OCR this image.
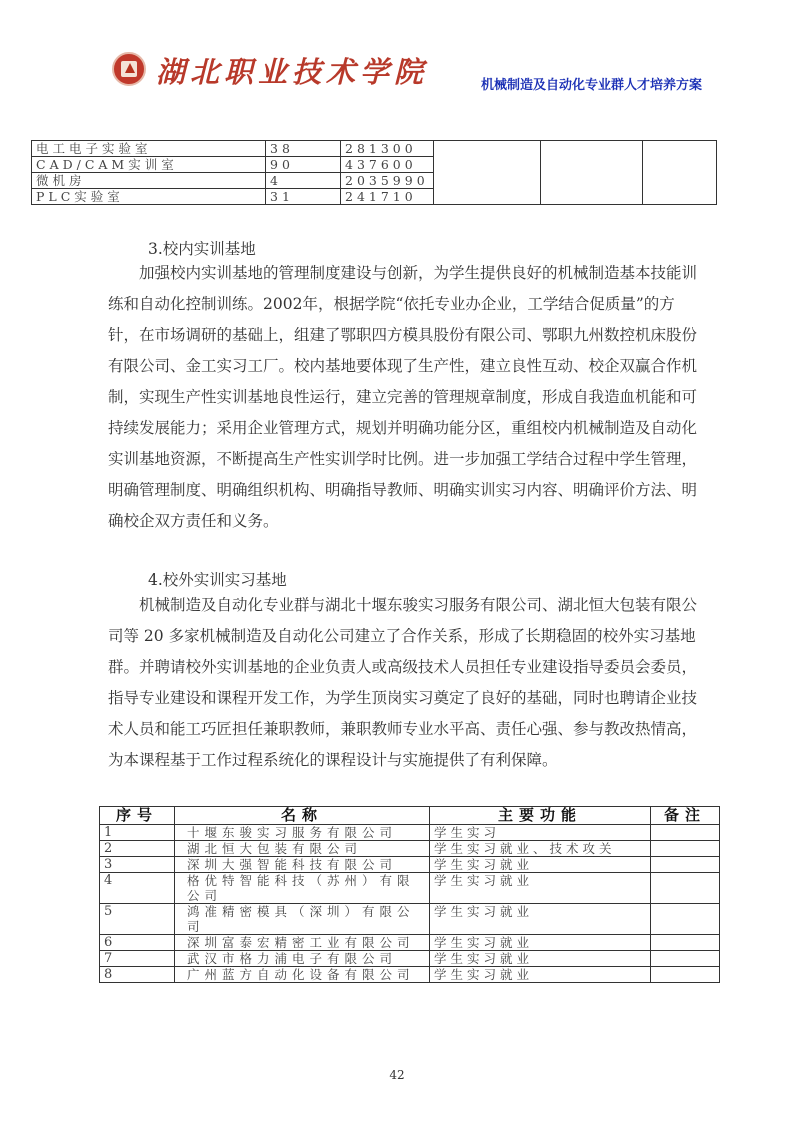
湖北职业技术学院	机械制造及自动化专业群人才培养方案
电工电子实验室	38	281300			
CAD/CAM实训室	90	437600			
微机房	4	2035990			
PLC实验室	31	241710			
3.校内实训基地
加强校内实训基地的管理制度建设与创新，为学生提供良好的机械制造基本技能训练和自动化控制训练。2002年，根据学院“依托专业办企业，工学结合促质量”的方针，在市场调研的基础上，组建了鄂职四方模具股份有限公司、鄂职九州数控机床股份有限公司、金工实习工厂。校内基地要体现了生产性，建立良性互动、校企双赢合作机制，实现生产性实训基地良性运行，建立完善的管理规章制度，形成自我造血机能和可持续发展能力；采用企业管理方式，规划并明确功能分区，重组校内机械制造及自动化实训基地资源，不断提高生产性实训学时比例。进一步加强工学结合过程中学生管理，明确管理制度、明确组织机构、明确指导教师、明确实训实习内容、明确评价方法、明确校企双方责任和义务。
4.校外实训实习基地
机械制造及自动化专业群与湖北十堰东骏实习服务有限公司、湖北恒大包装有限公司等 20 多家机械制造及自动化公司建立了合作关系，形成了长期稳固的校外实习基地群。并聘请校外实训基地的企业负责人或高级技术人员担任专业建设指导委员会委员，指导专业建设和课程开发工作，为学生顶岗实习奠定了良好的基础，同时也聘请企业技术人员和能工巧匠担任兼职教师，兼职教师专业水平高、责任心强、参与教改热情高，为本课程基于工作过程系统化的课程设计与实施提供了有利保障。
序号	名称	主要功能	备注
1	十堰东骏实习服务有限公司	学生实习	
2	湖北恒大包装有限公司	学生实习就业、技术攻关	
3	深圳大强智能科技有限公司	学生实习就业	
4	格优特智能科技（苏州）有限公司	学生实习就业	
5	鸿准精密模具（深圳）有限公司	学生实习就业	
6	深圳富泰宏精密工业有限公司	学生实习就业	
7	武汉市格力浦电子有限公司	学生实习就业	
8	广州蓝方自动化设备有限公司	学生实习就业	
42
